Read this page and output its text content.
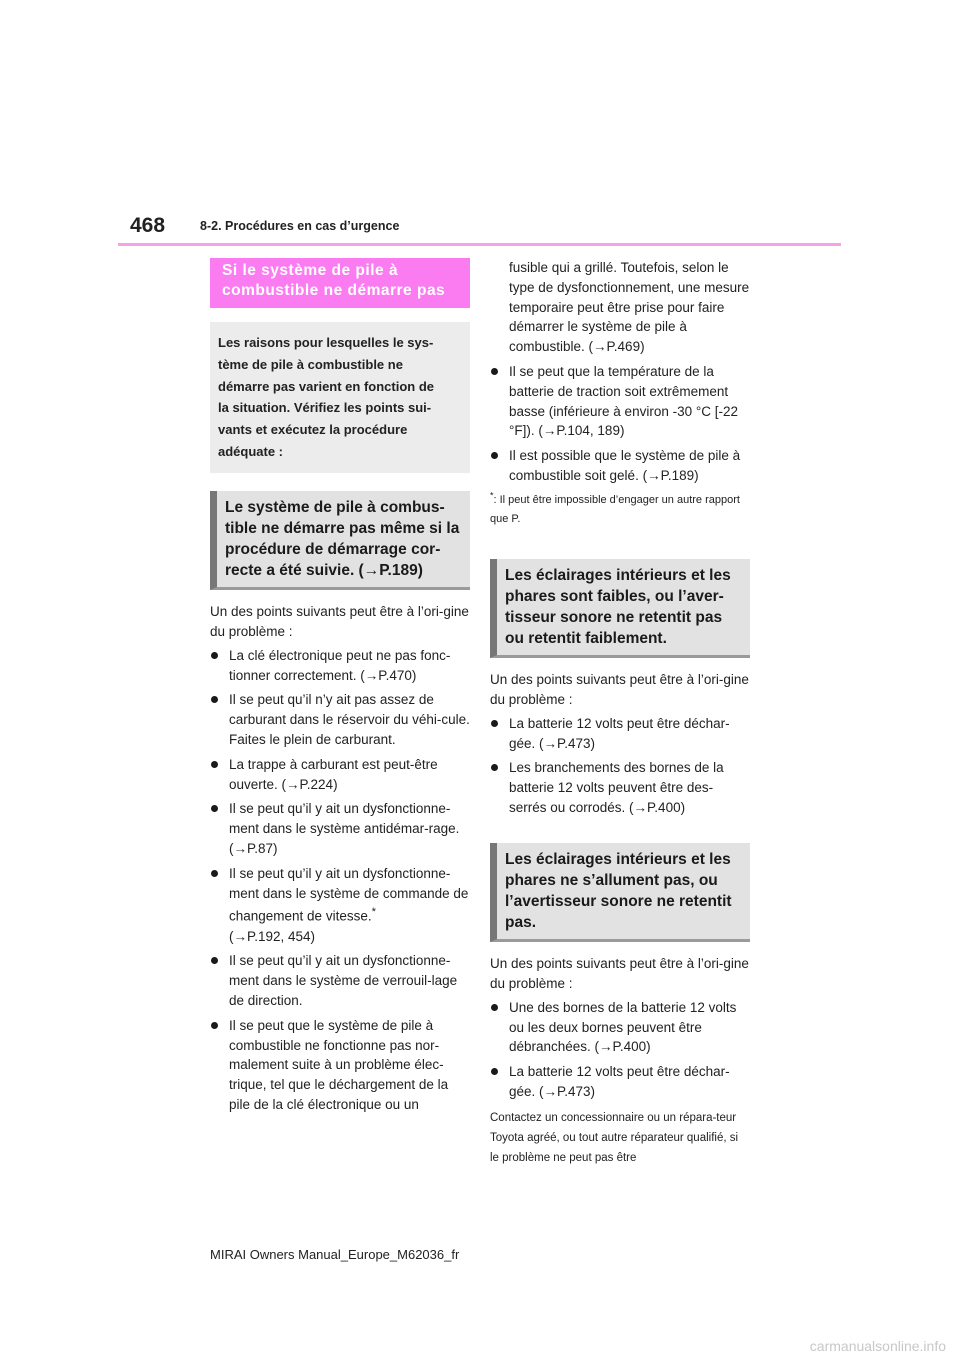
468	8-2. Procédures en cas d’urgence
Si le système de pile à combustible ne démarre pas
Les raisons pour lesquelles le sys-
tème de pile à combustible ne
démarre pas varient en fonction de
la situation. Vérifiez les points sui-
vants et exécutez la procédure
adéquate :
Le système de pile à combus-tible ne démarre pas même si la procédure de démarrage cor-recte a été suivie. (→P.189)

Un des points suivants peut être à l’ori-gine du problème :

La clé électronique peut ne pas fonc-tionner correctement. (→P.470)
Il se peut qu’il n’y ait pas assez de carburant dans le réservoir du véhi-cule.
Faites le plein de carburant.
La trappe à carburant est peut-être ouverte. (→P.224)
Il se peut qu’il y ait un dysfonctionne-ment dans le système antidémar-rage. (→P.87)
Il se peut qu’il y ait un dysfonctionne-ment dans le système de commande de changement de vitesse.*
(→P.192, 454)
Il se peut qu’il y ait un dysfonctionne-ment dans le système de verrouil-lage de direction.
Il se peut que le système de pile à combustible ne fonctionne pas nor-malement suite à un problème élec-trique, tel que le déchargement de la pile de la clé électronique ou un
fusible qui a grillé. Toutefois, selon le type de dysfonctionnement, une mesure temporaire peut être prise pour faire démarrer le système de pile à combustible. (→P.469)
Il se peut que la température de la batterie de traction soit extrêmement basse (inférieure à environ -30 °C [-22 °F]). (→P.104, 189)
Il est possible que le système de pile à combustible soit gelé. (→P.189)
*: Il peut être impossible d’engager un autre rapport que P.
Les éclairages intérieurs et les phares sont faibles, ou l’aver-tisseur sonore ne retentit pas ou retentit faiblement.

Un des points suivants peut être à l’ori-gine du problème :

La batterie 12 volts peut être déchar-gée. (→P.473)
Les branchements des bornes de la batterie 12 volts peuvent être des-serrés ou corrodés. (→P.400)
Les éclairages intérieurs et les phares ne s’allument pas, ou l’avertisseur sonore ne retentit pas.

Un des points suivants peut être à l’ori-gine du problème :

Une des bornes de la batterie 12 volts ou les deux bornes peuvent être débranchées. (→P.400)
La batterie 12 volts peut être déchar-gée. (→P.473)
Contactez un concessionnaire ou un répara-teur Toyota agréé, ou tout autre réparateur qualifié, si le problème ne peut pas être
MIRAI Owners Manual_Europe_M62036_fr
carmanualsonline.info
